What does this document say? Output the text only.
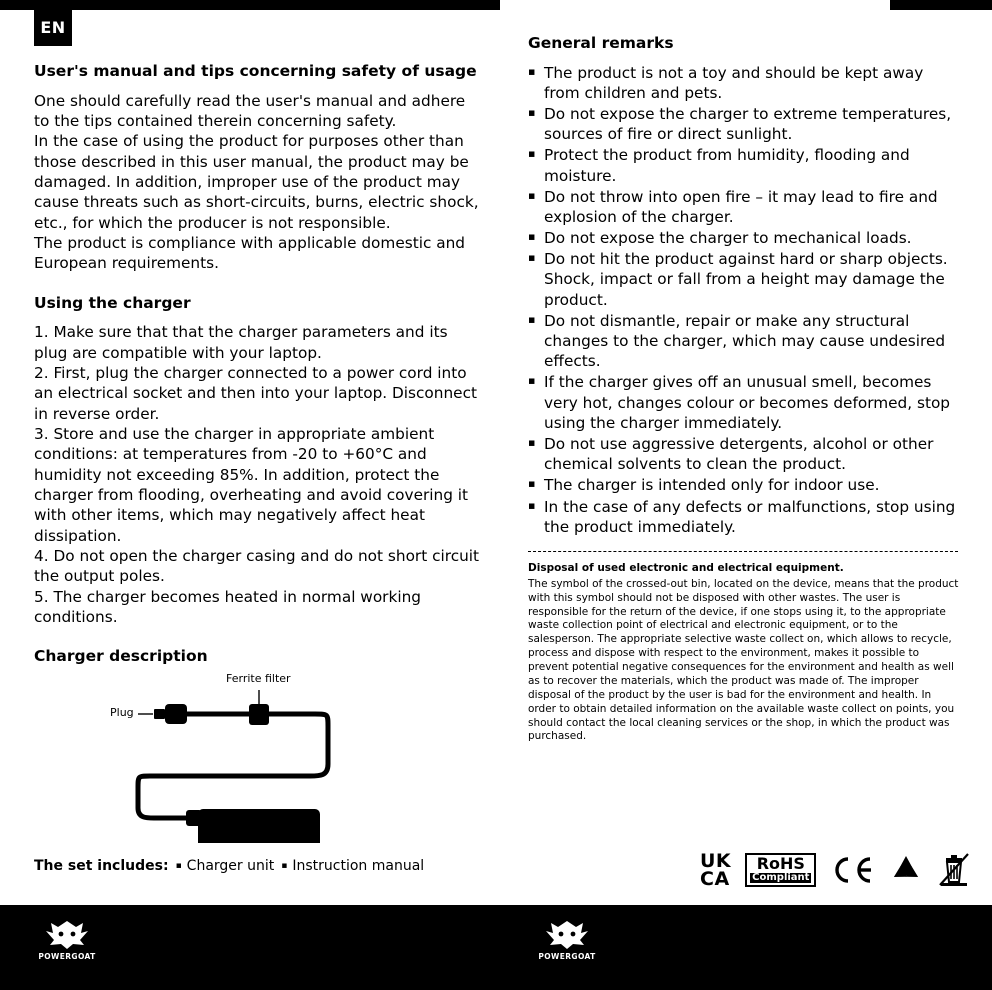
EN
User's manual and tips concerning safety of usage

One should carefully read the user's manual and adhere to the tips contained therein concerning safety.

In the case of using the product for purposes other than those described in this user manual, the product may be damaged. In addition, improper use of the product may cause threats such as short-circuits, burns, electric shock, etc., for which the producer is not responsible.

The product is compliance with applicable domestic and European requirements.

Using the charger

1. Make sure that that the charger parameters and its plug are compatible with your laptop.

2. First, plug the charger connected to a power cord into an electrical socket and then into your laptop. Disconnect in reverse order.

3. Store and use the charger in appropriate ambient conditions: at temperatures from -20 to +60°C and humidity not exceeding 85%. In addition, protect the charger from flooding, overheating and avoid covering it with other items, which may negatively affect heat dissipation.

4. Do not open the charger casing and do not short circuit the output poles.

5. The charger becomes heated in normal working conditions.

Charger description
Ferrite filter
Plug
Charger
The set includes: ▪ Charger unit ▪ Instruction manual
General remarks
▪ The product is not a toy and should be kept away from children and pets.
▪ Do not expose the charger to extreme temperatures, sources of fire or direct sunlight.
▪ Protect the product from humidity, flooding and moisture.
▪ Do not throw into open fire – it may lead to fire and explosion of the charger.
▪ Do not expose the charger to mechanical loads.
▪ Do not hit the product against hard or sharp objects. Shock, impact or fall from a height may damage the product.
▪ Do not dismantle, repair or make any structural changes to the charger, which may cause undesired effects.
▪ If the charger gives off an unusual smell, becomes very hot, changes colour or becomes deformed, stop using the charger immediately.
▪ Do not use aggressive detergents, alcohol or other chemical solvents to clean the product.
▪ The charger is intended only for indoor use.
▪ In the case of any defects or malfunctions, stop using the product immediately.

Disposal of used electronic and electrical equipment.

The symbol of the crossed-out bin, located on the device, means that the product with this symbol should not be disposed with other wastes. The user is responsible for the return of the device, if one stops using it, to the appropriate waste collection point of electrical and electronic equipment, or to the salesperson. The appropriate selective waste collect on, which allows to recycle, process and dispose with respect to the environment, makes it possible to prevent potential negative consequences for the environment and health as well as to recover the materials, which the product was made of. The improper disposal of the product by the user is bad for the environment and health. In order to obtain detailed information on the available waste collect on points, you should contact the local cleaning services or the shop, in which the product was purchased.

UK
CA
RoHS
Compliant
POWERGOAT	POWERGOAT
